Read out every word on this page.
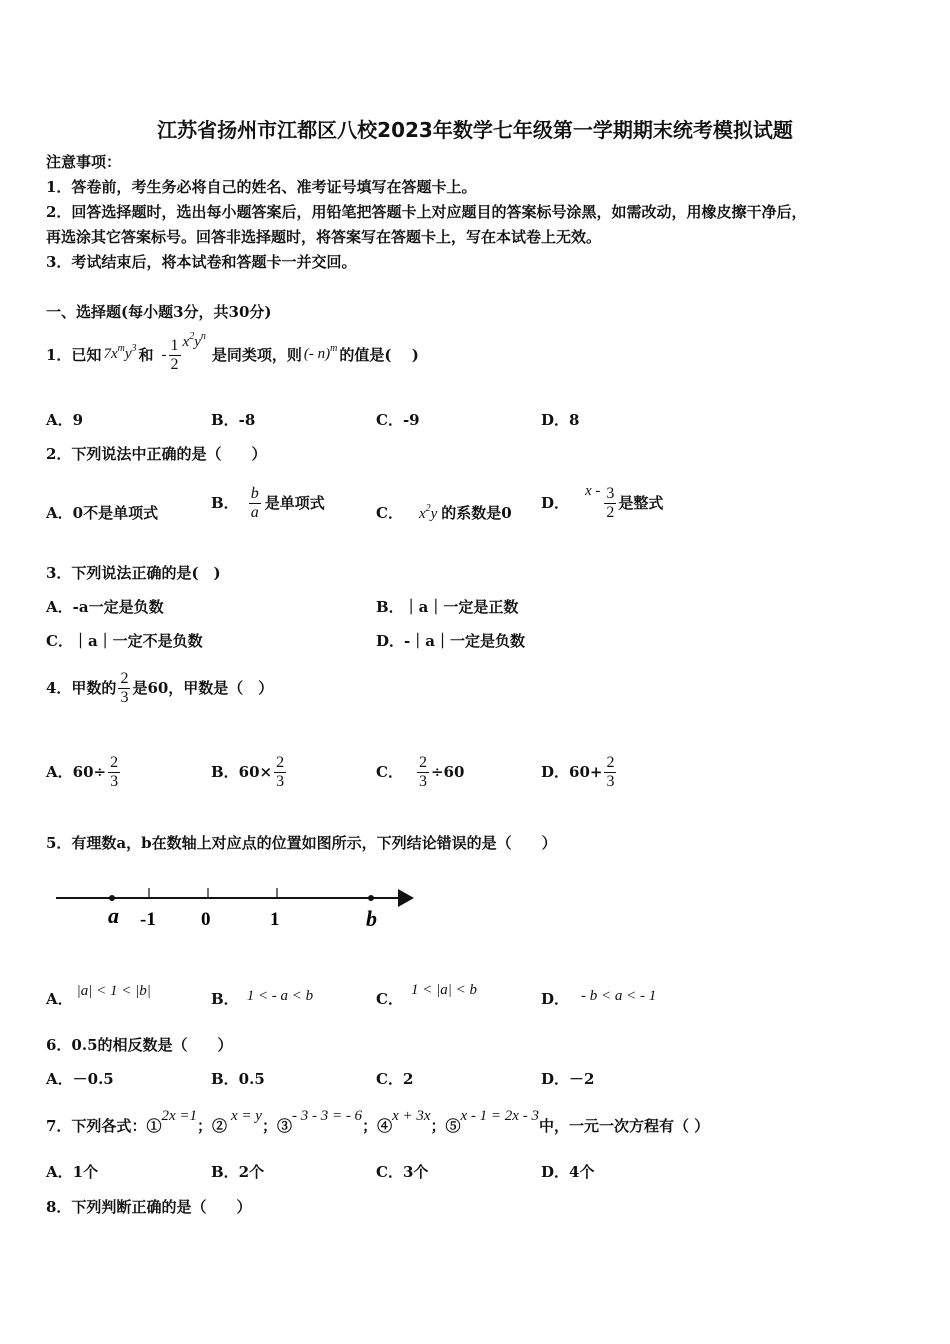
江苏省扬州市江都区八校2023年数学七年级第一学期期末统考模拟试题
注意事项：
1．答卷前，考生务必将自己的姓名、准考证号填写在答题卡上。
2．回答选择题时，选出每小题答案后，用铅笔把答题卡上对应题目的答案标号涂黑，如需改动，用橡皮擦干净后，
再选涂其它答案标号。回答非选择题时，将答案写在答题卡上，写在本试卷上无效。
3．考试结束后，将本试卷和答题卡一并交回。
一、选择题(每小题3分，共30分)
1．已知 $7x^my^3$ 和 - $\frac{1}{2} x^2y^n$
是同类项，则 (- n)$^m$ 的值是(　 )
A．9	B．-8	C．-9	D．8
2．下列说法中正确的是（　　）
A．0不是单项式
B． $\frac{b}{a}$ 是单项式
C． $x^2y$ 的系数是0
D．
x - $\frac{3}{2}$ 是整式
3．下列说法正确的是(　)
A．-a一定是负数	B．｜a｜一定是正数
C．｜a｜一定不是负数	D．-｜a｜一定是负数
4．甲数的 $\frac{2}{3}$ 是60，甲数是（　）
A．$60\div \frac{2}{3}$	B．$60\times \frac{2}{3}$	C． $\frac{2}{3} \div 60$	D．$60+ \frac{2}{3}$
5．有理数a，b在数轴上对应点的位置如图所示，下列结论错误的是（　　）
a -1 0	1	b
A． |a| < 1 < |b|	B． 1 < - a < b	C． 1 < |a| < b	D． - b < a < - 1
6．0.5的相反数是（　　）
A．－0.5	B．0.5	C．2	D．－2
7．下列各式：①2x =1；②x = y；③- 3 - 3 = - 6；④x + 3x；⑤x - 1 = 2x - 3中，一元一次方程有（ ）
A．1个	B．2个	C．3个	D．4个
8．下列判断正确的是（　　）
